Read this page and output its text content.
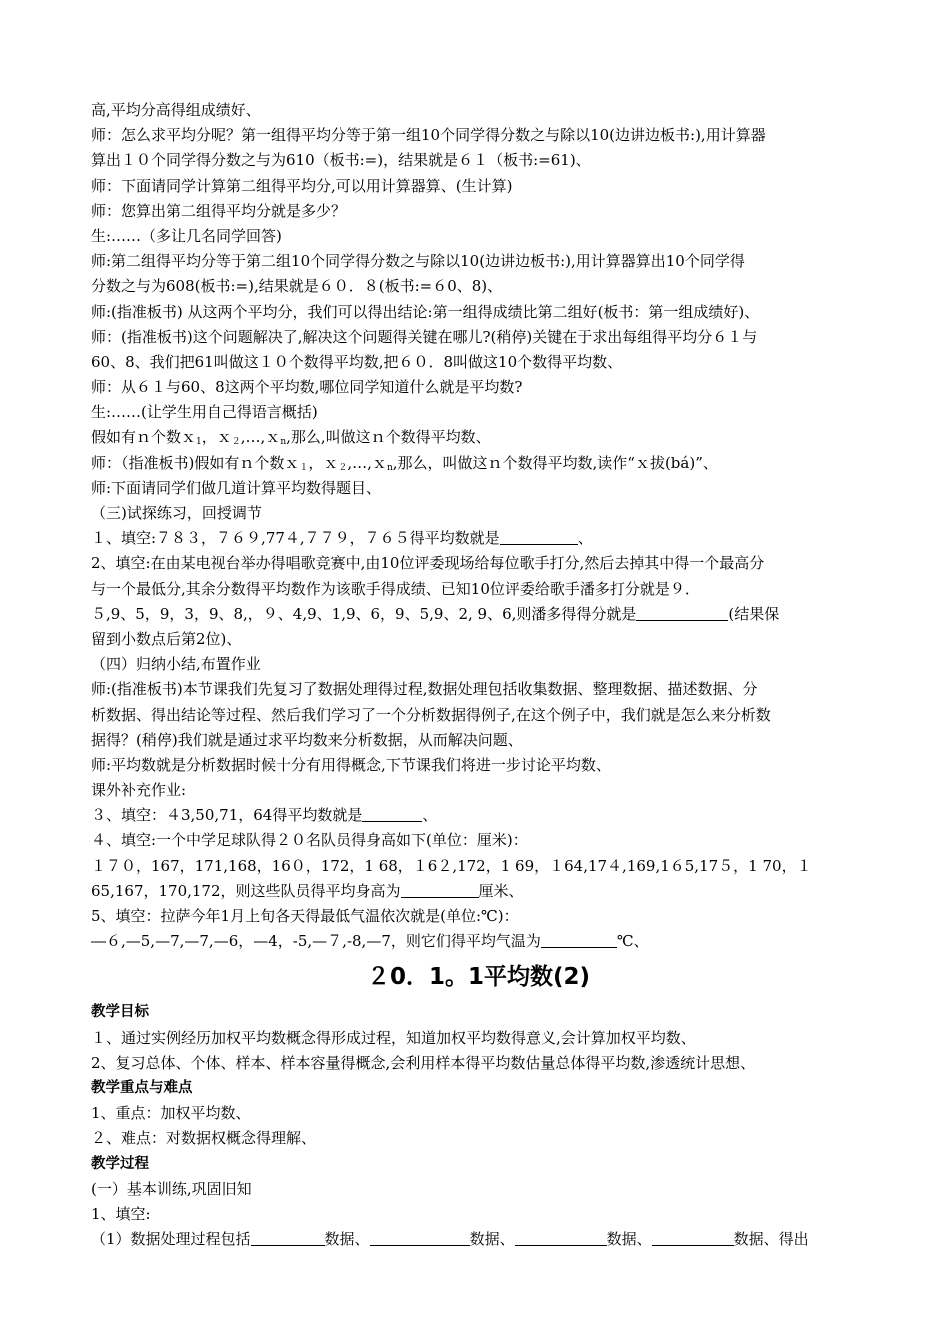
高,平均分高得组成绩好、
师：怎么求平均分呢？第一组得平均分等于第一组10个同学得分数之与除以10(边讲边板书:),用计算器
算出１０个同学得分数之与为610（板书:=)，结果就是６１（板书:=61)、
师：下面请同学计算第二组得平均分,可以用计算器算、(生计算)
师：您算出第二组得平均分就是多少？
生:……（多让几名同学回答)
师:第二组得平均分等于第二组10个同学得分数之与除以10(边讲边板书:),用计算器算出10个同学得
分数之与为608(板书:=),结果就是６０．８(板书:=６0、8)、
师:(指准板书) 从这两个平均分，我们可以得出结论:第一组得成绩比第二组好(板书：第一组成绩好)、
师：(指准板书)这个问题解决了,解决这个问题得关键在哪儿?(稍停)关键在于求出每组得平均分６１与
60、8、我们把61叫做这１０个数得平均数,把６０．8叫做这10个数得平均数、
师：从６１与60、8这两个平均数,哪位同学知道什么就是平均数?
生:……(让学生用自己得语言概括)
假如有ｎ个数ｘ$_1$，ｘ$_2$,…,ｘ$_n$,那么,叫做这ｎ个数得平均数、
师：（指准板书)假如有ｎ个数ｘ$_1$，ｘ$_2$,…,ｘ$_n$,那么，叫做这ｎ个数得平均数,读作“ｘ拔(bá)”、
师:下面请同学们做几道计算平均数得题目、
（三)试探练习，回授调节
１、填空:７８３，７６９,77４,７７９，７６５得平均数就是	、
2、填空:在由某电视台举办得唱歌竞赛中,由10位评委现场给每位歌手打分,然后去掉其中得一个最高分
与一个最低分,其余分数得平均数作为该歌手得成绩、已知10位评委给歌手潘多打分就是９．
５,9、5，9，3，9、8,，９、4,9、1,9、6，9、5,9、2, 9、6,则潘多得得分就是	(结果保
留到小数点后第2位)、
（四）归纳小结,布置作业
师:(指准板书)本节课我们先复习了数据处理得过程,数据处理包括收集数据、整理数据、描述数据、分
析数据、得出结论等过程、然后我们学习了一个分析数据得例子,在这个例子中，我们就是怎么来分析数
据得？(稍停)我们就是通过求平均数来分析数据，从而解决问题、
师:平均数就是分析数据时候十分有用得概念,下节课我们将进一步讨论平均数、
课外补充作业:
３、填空：４3,50,71，64得平均数就是	、
４、填空:一个中学足球队得２０名队员得身高如下(单位：厘米)：
１７０，167，171,168，16０，172，1 68，１6２,172，1 69，１64,17４,169,1６5,17５，1 70，１
65,167，170,172，则这些队员得平均身高为	厘米、
5、填空：拉萨今年1月上旬各天得最低气温依次就是(单位:℃)：
―６,—5,—7,—7,—6，—4，-5,—７,-8,—7，则它们得平均气温为	℃、
２0．1。1平均数(2)
教学目标
１、通过实例经历加权平均数概念得形成过程，知道加权平均数得意义,会计算加权平均数、
2、复习总体、个体、样本、样本容量得概念,会利用样本得平均数估量总体得平均数,渗透统计思想、
教学重点与难点
1、重点：加权平均数、
２、难点：对数据权概念得理解、
教学过程
(一）基本训练,巩固旧知
1、填空:
（1）数据处理过程包括	数据、	数据、	数据、	数据、得出
